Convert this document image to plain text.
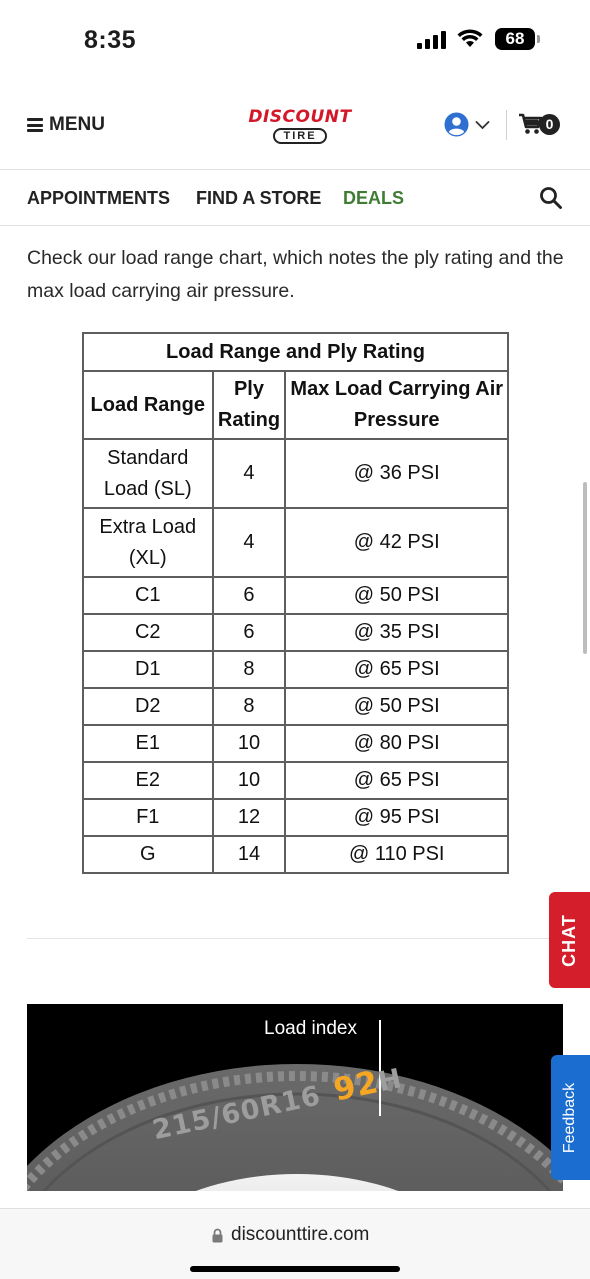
8:35	68
MENU	DISCOUNT
TIRE
0
APPOINTMENTS FIND A STORE DEALS

Check our load range chart, which notes the ply rating and the max load carrying air pressure.

Load Range and Ply Rating		
Load Range	Ply Rating	Max Load Carrying Air Pressure
Standard Load (SL)	4	@ 36 PSI
Extra Load (XL)	4	@ 42 PSI
C1	6	@ 50 PSI
C2	6	@ 35 PSI
D1	8	@ 65 PSI
D2	8	@ 50 PSI
E1	10	@ 80 PSI
E2	10	@ 65 PSI
F1	12	@ 95 PSI
G	14	@ 110 PSI
Load index
215/60R16 92H
CHAT
Feedback
discounttire.com
